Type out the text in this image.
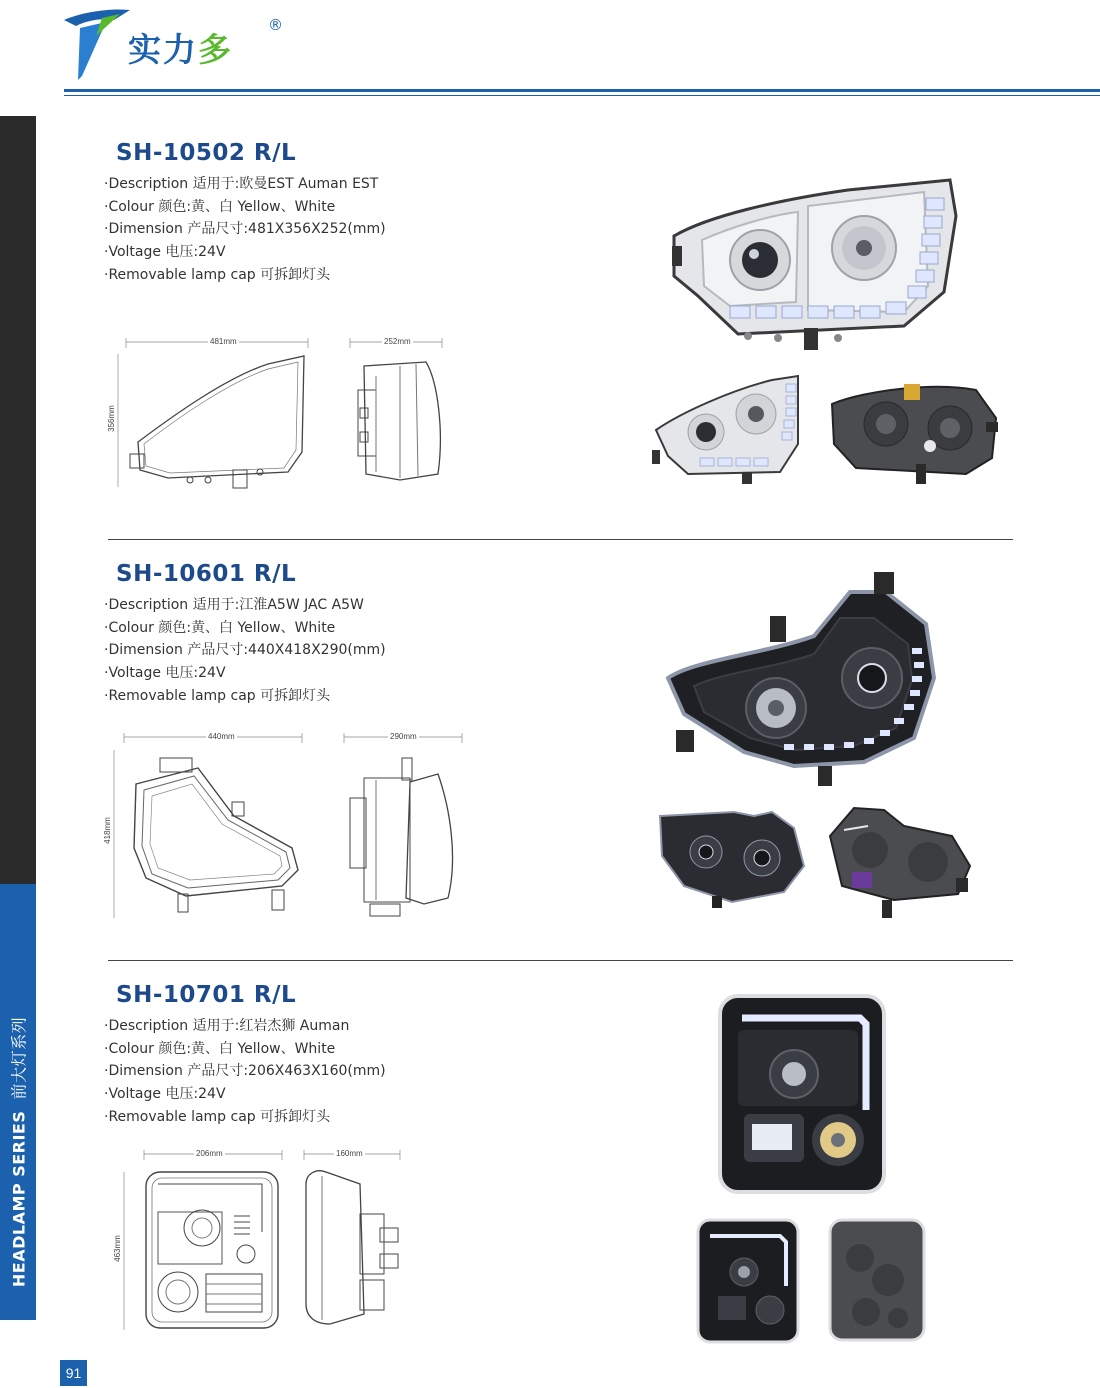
实力多
®
HEADLAMP SERIES  前大灯系列
91
SH-10502 R/L
·Description 适用于:欧曼EST Auman EST
·Colour 颜色:黄、白 Yellow、White
·Dimension 产品尺寸:481X356X252(mm)
·Voltage 电压:24V
·Removable lamp cap 可拆卸灯头
481mm
356mm
252mm
SH-10601 R/L
·Description 适用于:江淮A5W JAC A5W
·Colour 颜色:黄、白 Yellow、White
·Dimension 产品尺寸:440X418X290(mm)
·Voltage 电压:24V
·Removable lamp cap 可拆卸灯头
440mm
418mm
290mm
SH-10701 R/L
·Description 适用于:红岩杰狮 Auman
·Colour 颜色:黄、白 Yellow、White
·Dimension 产品尺寸:206X463X160(mm)
·Voltage 电压:24V
·Removable lamp cap 可拆卸灯头
206mm
463mm
160mm
